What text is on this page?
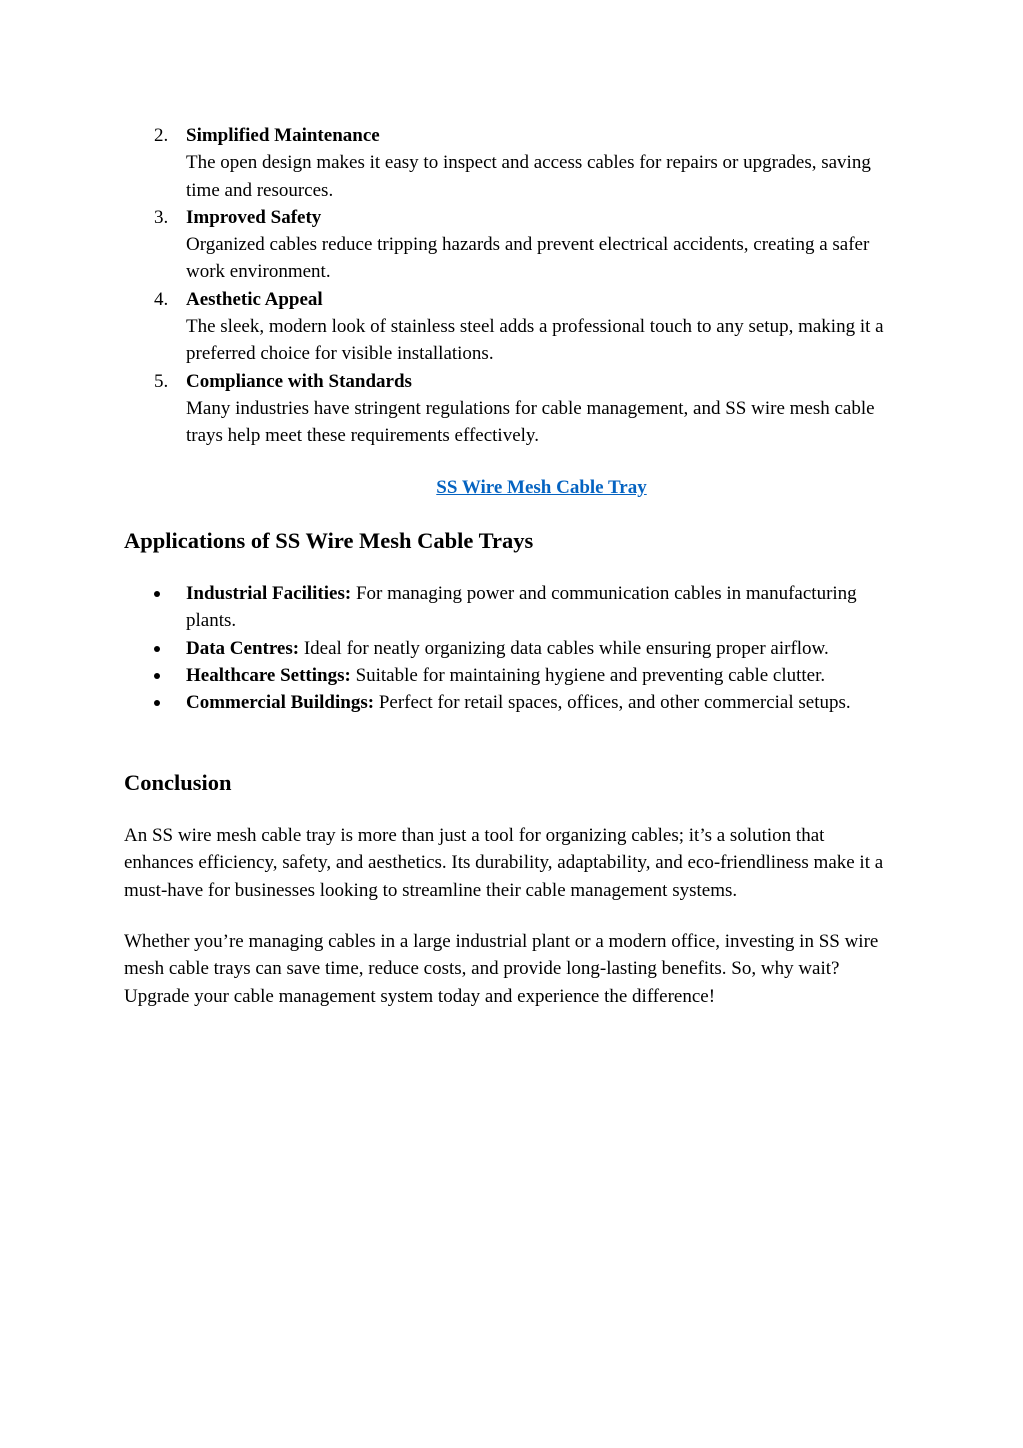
2. Simplified Maintenance
The open design makes it easy to inspect and access cables for repairs or upgrades, saving time and resources.
3. Improved Safety
Organized cables reduce tripping hazards and prevent electrical accidents, creating a safer work environment.
4. Aesthetic Appeal
The sleek, modern look of stainless steel adds a professional touch to any setup, making it a preferred choice for visible installations.
5. Compliance with Standards
Many industries have stringent regulations for cable management, and SS wire mesh cable trays help meet these requirements effectively.
SS Wire Mesh Cable Tray
Applications of SS Wire Mesh Cable Trays
Industrial Facilities: For managing power and communication cables in manufacturing plants.
Data Centres: Ideal for neatly organizing data cables while ensuring proper airflow.
Healthcare Settings: Suitable for maintaining hygiene and preventing cable clutter.
Commercial Buildings: Perfect for retail spaces, offices, and other commercial setups.
Conclusion

An SS wire mesh cable tray is more than just a tool for organizing cables; it’s a solution that enhances efficiency, safety, and aesthetics. Its durability, adaptability, and eco-friendliness make it a must-have for businesses looking to streamline their cable management systems.

Whether you’re managing cables in a large industrial plant or a modern office, investing in SS wire mesh cable trays can save time, reduce costs, and provide long-lasting benefits. So, why wait? Upgrade your cable management system today and experience the difference!
